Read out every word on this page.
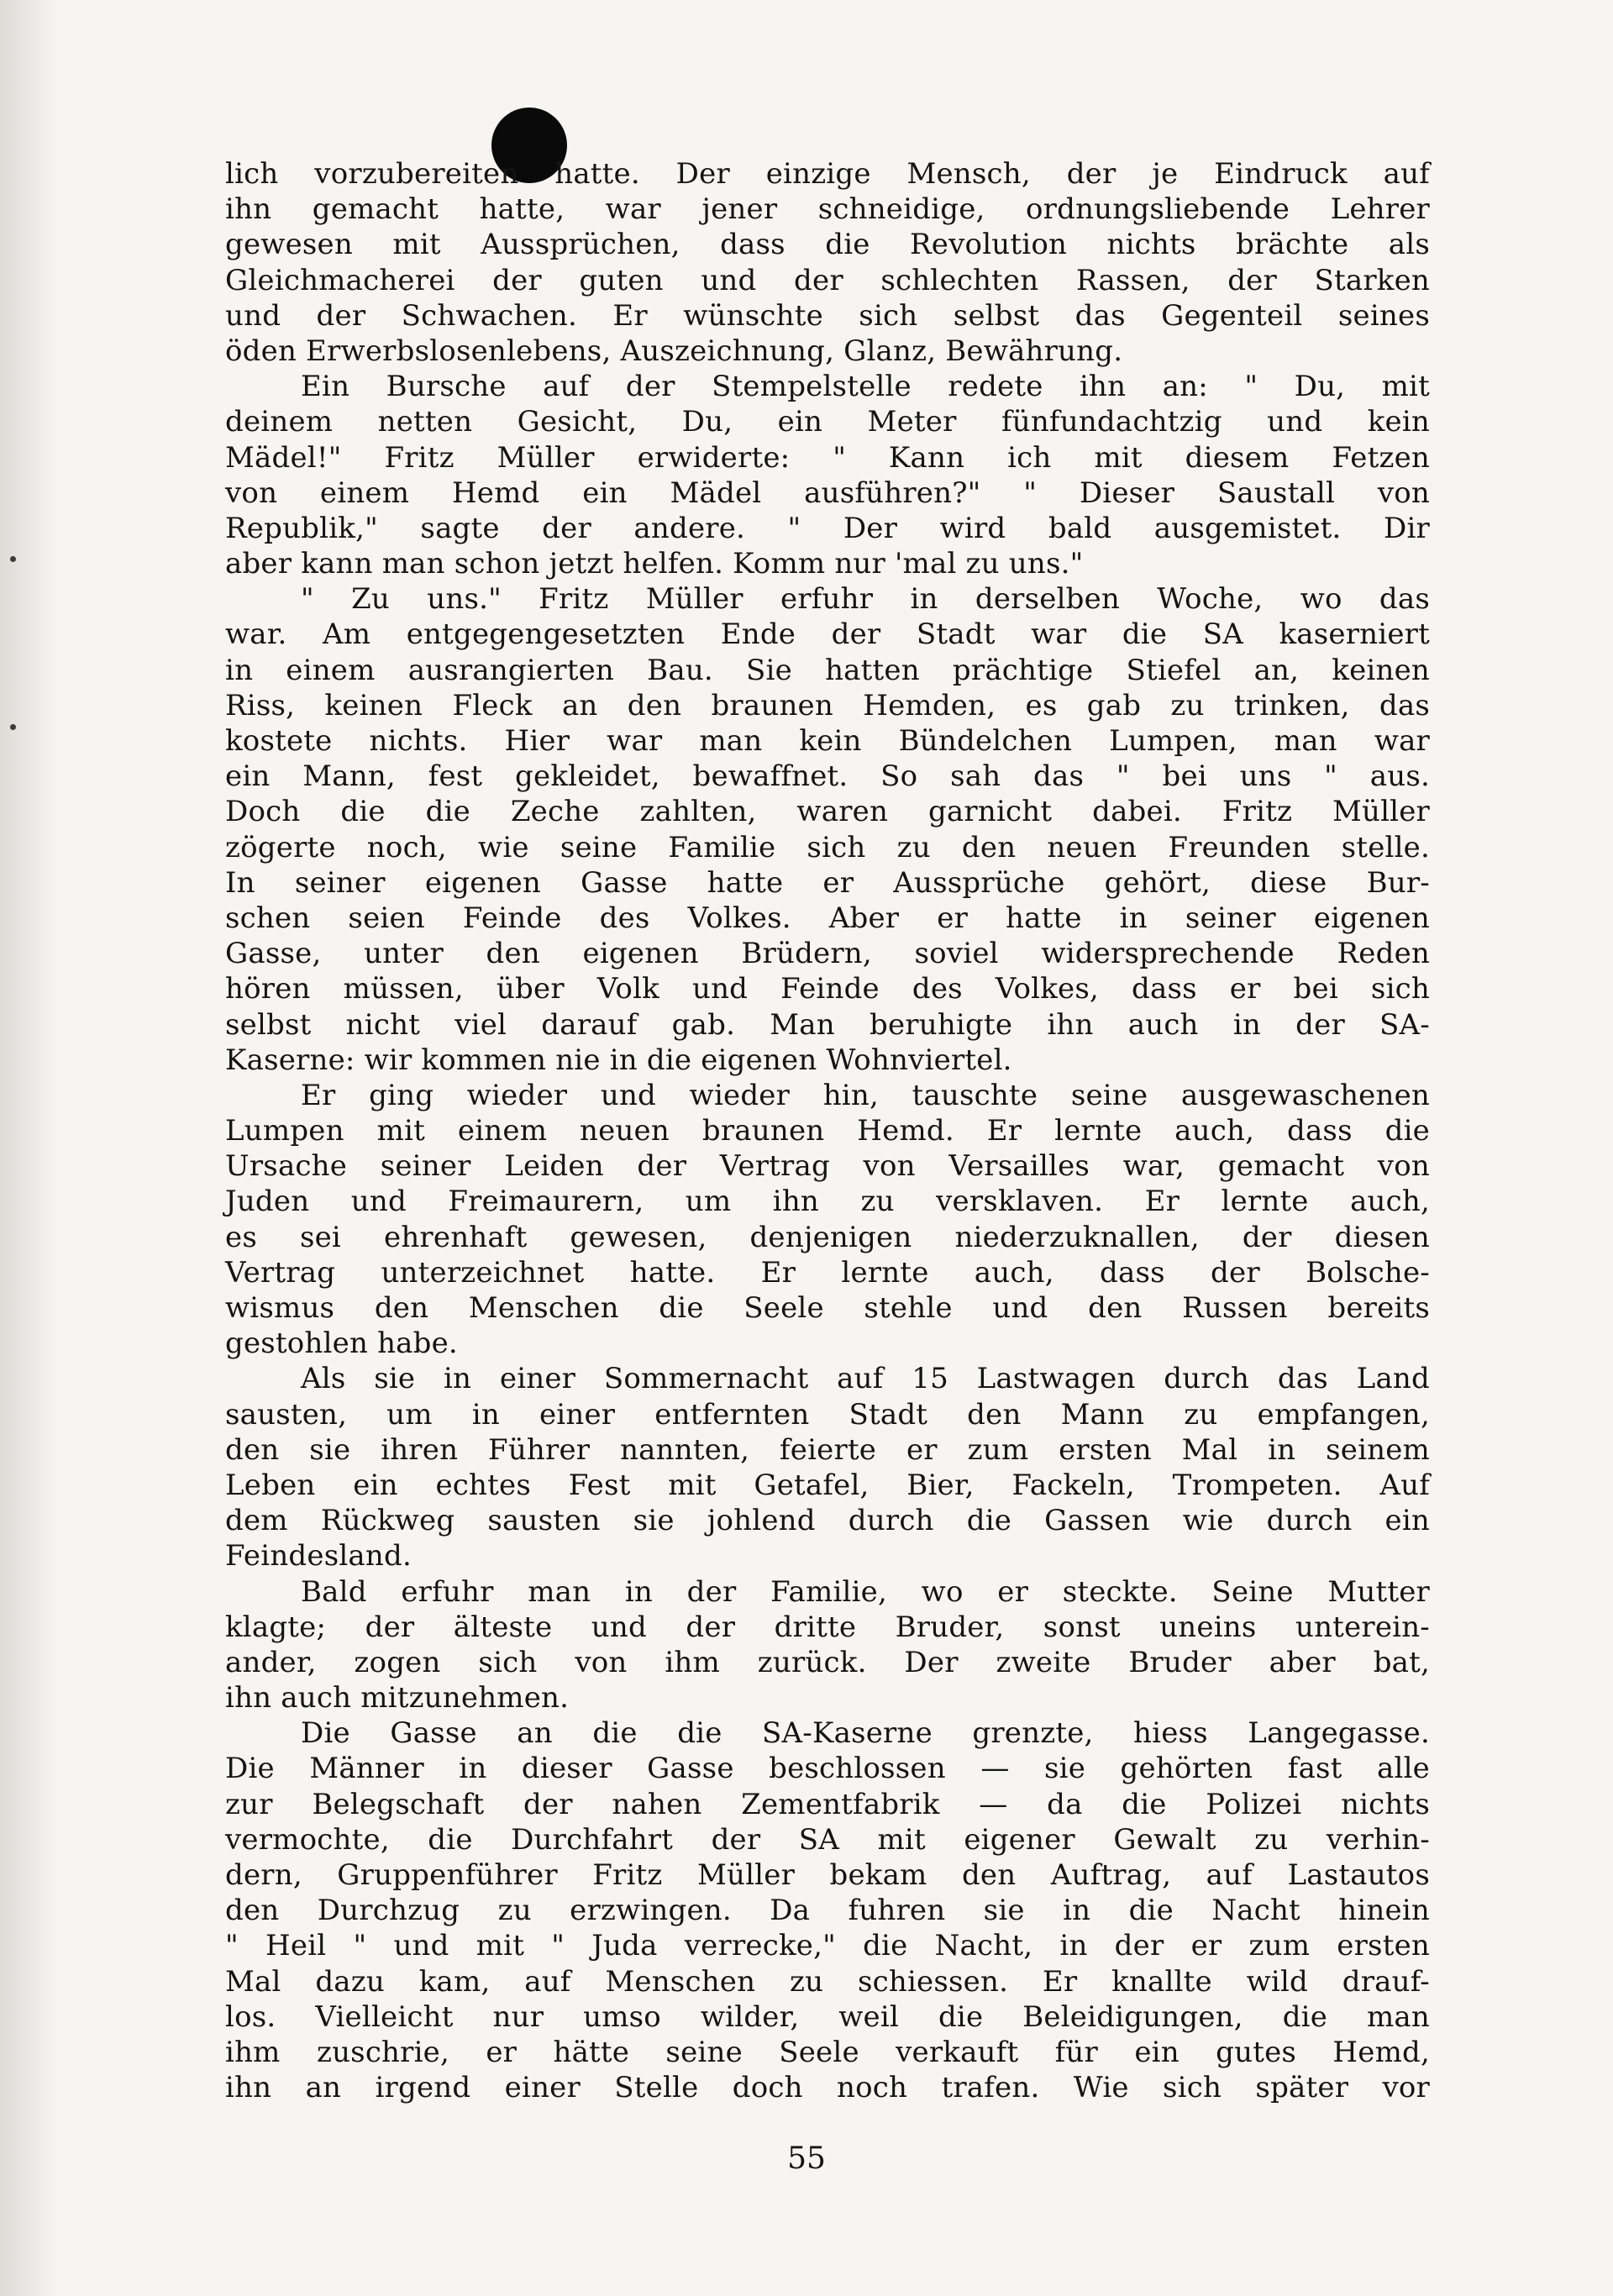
lich vorzubereiten hatte. Der einzige Mensch, der je Eindruck auf
ihn gemacht hatte, war jener schneidige, ordnungsliebende Lehrer
gewesen mit Aussprüchen, dass die Revolution nichts brächte als
Gleichmacherei der guten und der schlechten Rassen, der Starken
und der Schwachen. Er wünschte sich selbst das Gegenteil seines
öden Erwerbslosenlebens, Auszeichnung, Glanz, Bewährung.
Ein Bursche auf der Stempelstelle redete ihn an: " Du, mit
deinem netten Gesicht, Du, ein Meter fünfundachtzig und kein
Mädel!" Fritz Müller erwiderte: " Kann ich mit diesem Fetzen
von einem Hemd ein Mädel ausführen?" " Dieser Saustall von
Republik," sagte der andere. " Der wird bald ausgemistet. Dir
aber kann man schon jetzt helfen. Komm nur 'mal zu uns."
" Zu uns." Fritz Müller erfuhr in derselben Woche, wo das
war. Am entgegengesetzten Ende der Stadt war die SA kaserniert
in einem ausrangierten Bau. Sie hatten prächtige Stiefel an, keinen
Riss, keinen Fleck an den braunen Hemden, es gab zu trinken, das
kostete nichts. Hier war man kein Bündelchen Lumpen, man war
ein Mann, fest gekleidet, bewaffnet. So sah das " bei uns " aus.
Doch die die Zeche zahlten, waren garnicht dabei. Fritz Müller
zögerte noch, wie seine Familie sich zu den neuen Freunden stelle.
In seiner eigenen Gasse hatte er Aussprüche gehört, diese Bur-
schen seien Feinde des Volkes. Aber er hatte in seiner eigenen
Gasse, unter den eigenen Brüdern, soviel widersprechende Reden
hören müssen, über Volk und Feinde des Volkes, dass er bei sich
selbst nicht viel darauf gab. Man beruhigte ihn auch in der SA-
Kaserne: wir kommen nie in die eigenen Wohnviertel.
Er ging wieder und wieder hin, tauschte seine ausgewaschenen
Lumpen mit einem neuen braunen Hemd. Er lernte auch, dass die
Ursache seiner Leiden der Vertrag von Versailles war, gemacht von
Juden und Freimaurern, um ihn zu versklaven. Er lernte auch,
es sei ehrenhaft gewesen, denjenigen niederzuknallen, der diesen
Vertrag unterzeichnet hatte. Er lernte auch, dass der Bolsche-
wismus den Menschen die Seele stehle und den Russen bereits
gestohlen habe.
Als sie in einer Sommernacht auf 15 Lastwagen durch das Land
sausten, um in einer entfernten Stadt den Mann zu empfangen,
den sie ihren Führer nannten, feierte er zum ersten Mal in seinem
Leben ein echtes Fest mit Getafel, Bier, Fackeln, Trompeten. Auf
dem Rückweg sausten sie johlend durch die Gassen wie durch ein
Feindesland.
Bald erfuhr man in der Familie, wo er steckte. Seine Mutter
klagte; der älteste und der dritte Bruder, sonst uneins unterein-
ander, zogen sich von ihm zurück. Der zweite Bruder aber bat,
ihn auch mitzunehmen.
Die Gasse an die die SA-Kaserne grenzte, hiess Langegasse.
Die Männer in dieser Gasse beschlossen — sie gehörten fast alle
zur Belegschaft der nahen Zementfabrik — da die Polizei nichts
vermochte, die Durchfahrt der SA mit eigener Gewalt zu verhin-
dern, Gruppenführer Fritz Müller bekam den Auftrag, auf Lastautos
den Durchzug zu erzwingen. Da fuhren sie in die Nacht hinein
" Heil " und mit " Juda verrecke," die Nacht, in der er zum ersten
Mal dazu kam, auf Menschen zu schiessen. Er knallte wild drauf-
los. Vielleicht nur umso wilder, weil die Beleidigungen, die man
ihm zuschrie, er hätte seine Seele verkauft für ein gutes Hemd,
ihn an irgend einer Stelle doch noch trafen. Wie sich später vor
55
